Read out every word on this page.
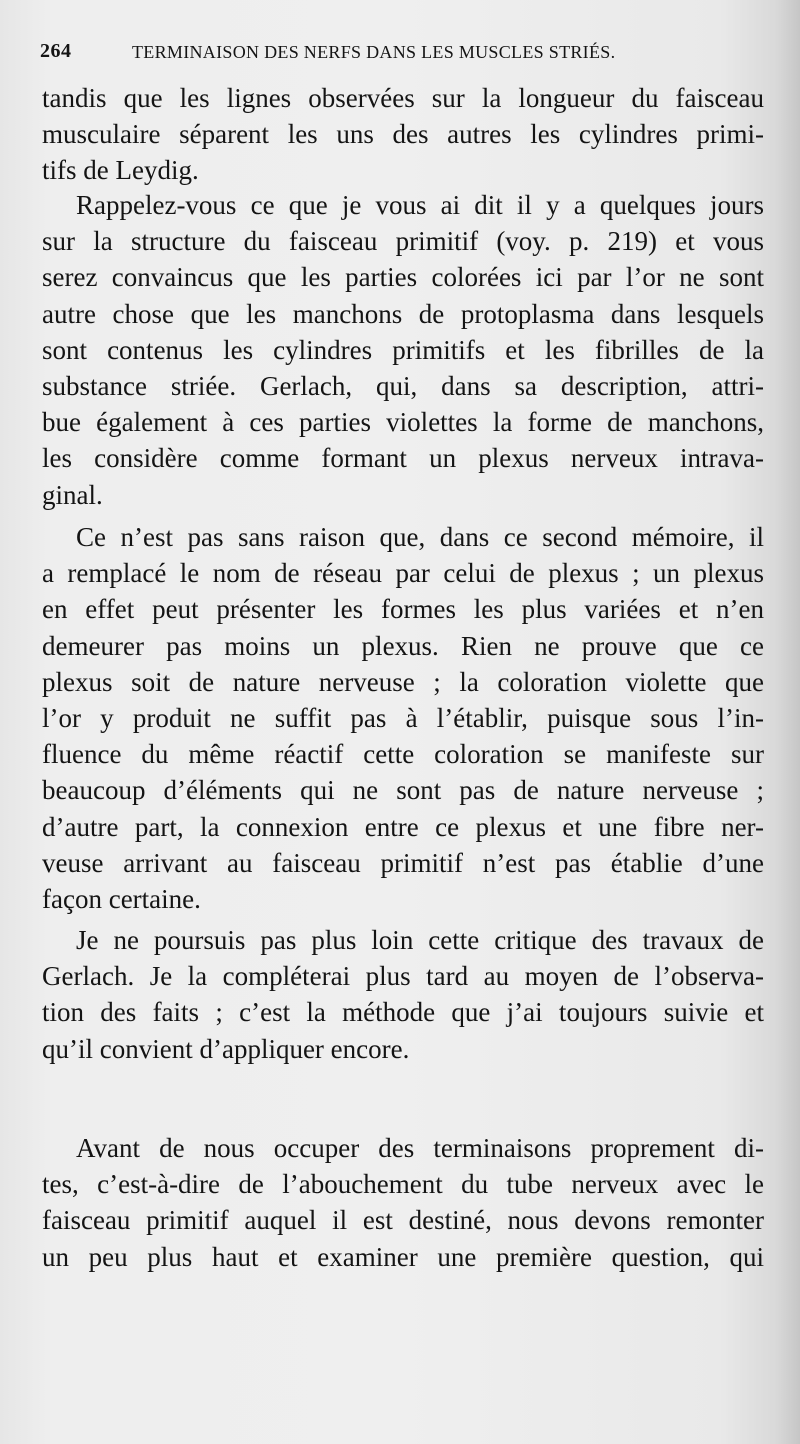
264	TERMINAISON DES NERFS DANS LES MUSCLES STRIÉS.
tandis que les lignes observées sur la longueur du faisceau
musculaire séparent les uns des autres les cylindres primi-
tifs de Leydig.
Rappelez-vous ce que je vous ai dit il y a quelques jours
sur la structure du faisceau primitif (voy. p. 219) et vous
serez convaincus que les parties colorées ici par l’or ne sont
autre chose que les manchons de protoplasma dans lesquels
sont contenus les cylindres primitifs et les fibrilles de la
substance striée. Gerlach, qui, dans sa description, attri-
bue également à ces parties violettes la forme de manchons,
les considère comme formant un plexus nerveux intrava-
ginal.
Ce n’est pas sans raison que, dans ce second mémoire, il
a remplacé le nom de réseau par celui de plexus ; un plexus
en effet peut présenter les formes les plus variées et n’en
demeurer pas moins un plexus. Rien ne prouve que ce
plexus soit de nature nerveuse ; la coloration violette que
l’or y produit ne suffit pas à l’établir, puisque sous l’in-
fluence du même réactif cette coloration se manifeste sur
beaucoup d’éléments qui ne sont pas de nature nerveuse ;
d’autre part, la connexion entre ce plexus et une fibre ner-
veuse arrivant au faisceau primitif n’est pas établie d’une
façon certaine.
Je ne poursuis pas plus loin cette critique des travaux de
Gerlach. Je la compléterai plus tard au moyen de l’observa-
tion des faits ; c’est la méthode que j’ai toujours suivie et
qu’il convient d’appliquer encore.
Avant de nous occuper des terminaisons proprement di-
tes, c’est-à-dire de l’abouchement du tube nerveux avec le
faisceau primitif auquel il est destiné, nous devons remonter
un peu plus haut et examiner une première question, qui
